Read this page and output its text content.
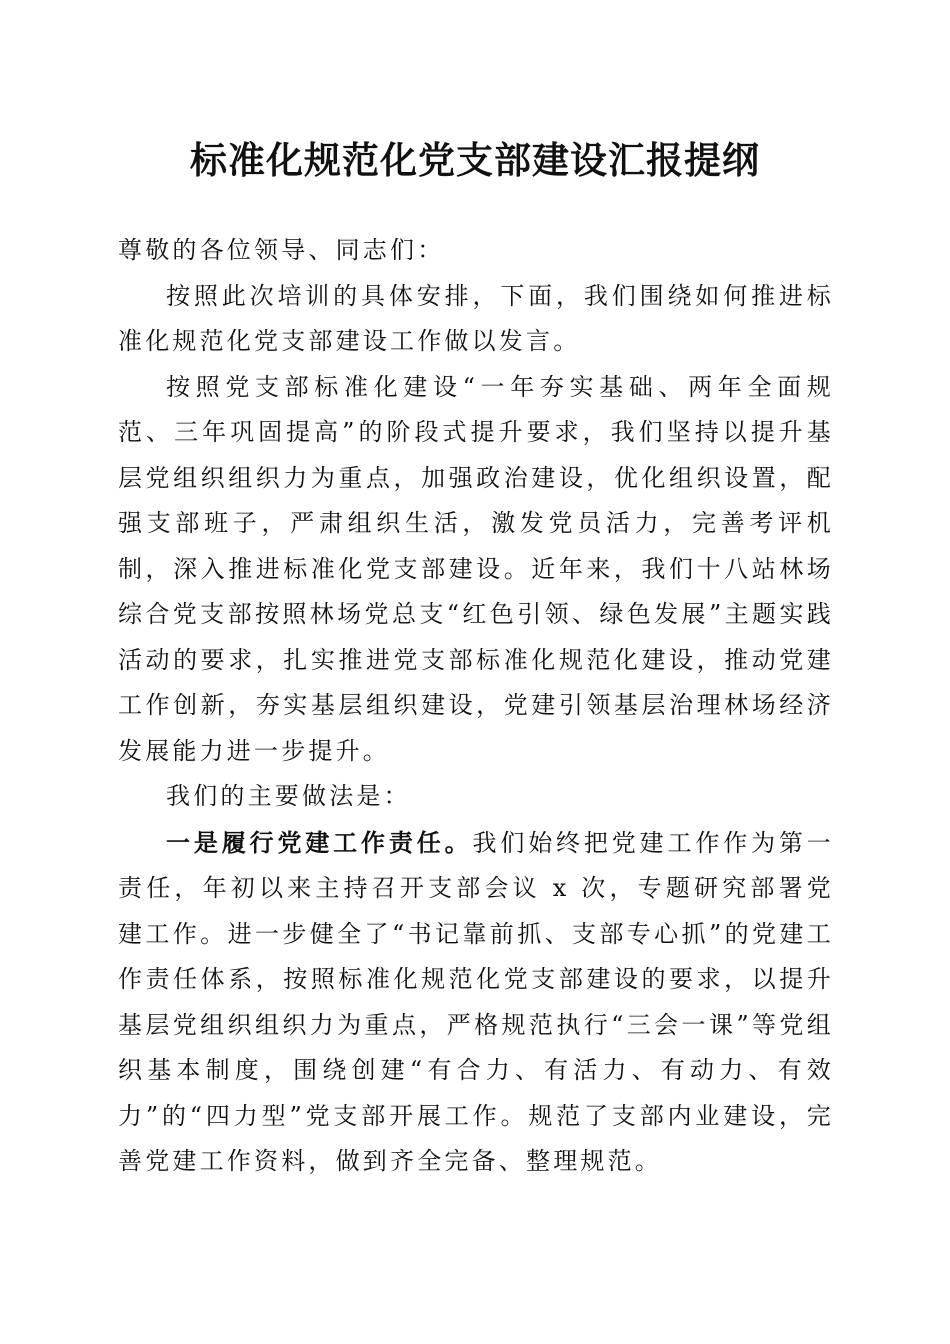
标准化规范化党支部建设汇报提纲

尊敬的各位领导、同志们：

按照此次培训的具体安排，下面，我们围绕如何推进标准化规范化党支部建设工作做以发言。

按照党支部标准化建设“一年夯实基础、两年全面规范、三年巩固提高”的阶段式提升要求，我们坚持以提升基层党组织组织力为重点，加强政治建设，优化组织设置，配强支部班子，严肃组织生活，激发党员活力，完善考评机制，深入推进标准化党支部建设。近年来，我们十八站林场综合党支部按照林场党总支“红色引领、绿色发展”主题实践活动的要求，扎实推进党支部标准化规范化建设，推动党建工作创新，夯实基层组织建设，党建引领基层治理林场经济发展能力进一步提升。

我们的主要做法是：

一是履行党建工作责任。我们始终把党建工作作为第一责任，年初以来主持召开支部会议 x 次，专题研究部署党建工作。进一步健全了“书记靠前抓、支部专心抓”的党建工作责任体系，按照标准化规范化党支部建设的要求，以提升基层党组织组织力为重点，严格规范执行“三会一课”等党组织基本制度，围绕创建“有合力、有活力、有动力、有效力”的“四力型”党支部开展工作。规范了支部内业建设，完善党建工作资料，做到齐全完备、整理规范。
